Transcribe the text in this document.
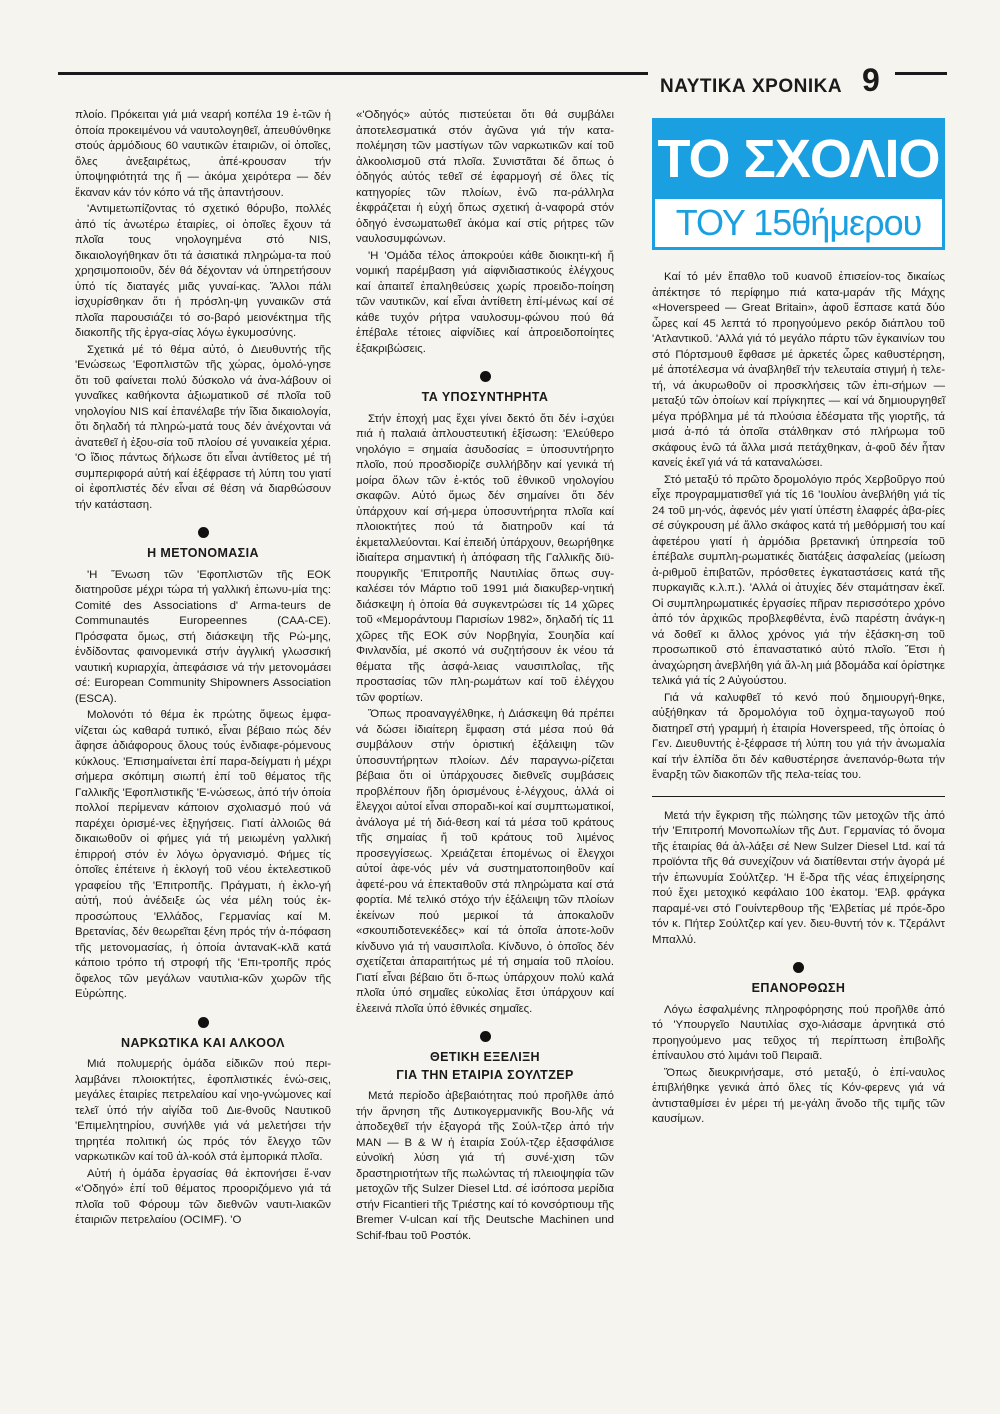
ΝΑΥΤΙΚΑ ΧΡΟΝΙΚΑ 9

πλοίο. Πρόκειται γιά μιά νεαρή κοπέλα 19 ἐ-τῶν ἡ ὁποία προκειμένου νά ναυτολογηθεῖ, ἀπευθύνθηκε στούς ἁρμόδιους 60 ναυτικῶν ἑταιριῶν, οἱ ὁποῖες, ὅλες ἀνεξαιρέτως, ἀπέ-κρουσαν τήν ὑποψηφιότητά της ἤ — ἀκόμα χειρότερα — δέν ἔκαναν κάν τόν κόπο νά τῆς ἀπαντήσουν.

'Αντιμετωπίζοντας τό σχετικό θόρυβο, πολλές ἀπό τίς ἀνωτέρω ἑταιρίες, οἱ ὁποῖες ἔχουν τά πλοῖα τους νηολογημένα στό NIS, δικαιολογήθηκαν ὅτι τά ἀσιατικά πληρώμα-τα πού χρησιμοποιοῦν, δέν θά δέχονταν νά ὑπηρετήσουν ὑπό τίς διαταγές μιᾶς γυναί-κας. Ἄλλοι πάλι ἰσχυρίσθηκαν ὅτι ἡ πρόσλη-ψη γυναικῶν στά πλοῖα παρουσιάζει τό σο-βαρό μειονέκτημα τῆς διακοπῆς τῆς ἐργα-σίας λόγω ἐγκυμοσύνης.

Σχετικά μέ τό θέμα αὐτό, ὁ Διευθυντής τῆς 'Ενώσεως 'Εφοπλιστῶν τῆς χώρας, ὁμολό-γησε ὅτι τοῦ φαίνεται πολύ δύσκολο νά ἀνα-λάβουν οἱ γυναῖκες καθήκοντα ἀξιωματικοῦ σέ πλοῖα τοῦ νηολογίου NIS καί ἐπανέλαβε τήν ἴδια δικαιολογία, ὅτι δηλαδή τά πληρώ-ματά τους δέν ἀνέχονται νά ἀνατεθεῖ ἡ ἐξου-σία τοῦ πλοίου σέ γυναικεία χέρια. 'Ο ἴδιος πάντως δήλωσε ὅτι εἶναι ἀντίθετος μέ τή συμπεριφορά αὐτή καί ἐξέφρασε τή λύπη του γιατί οἱ ἐφοπλιστές δέν εἶναι σέ θέση νά διαρθώσουν τήν κατάσταση.

Η ΜΕΤΟΝΟΜΑΣΙΑ

'Η Ἕνωση τῶν 'Εφοπλιστῶν τῆς ΕΟΚ διατηροῦσε μέχρι τώρα τή γαλλική ἐπωνυ-μία της: Comité des Associations d' Arma-teurs de Communautés Europeennes (CAA-CE). Πρόσφατα ὅμως, στή διάσκεψη τῆς Ρώ-μης, ἐνδίδοντας φαινομενικά στήν ἀγγλική γλωσσική ναυτική κυριαρχία, ἀπεφάσισε νά τήν μετονομάσει σέ: European Community Shipowners Association (ESCA).

Μολονότι τό θέμα ἐκ πρώτης ὄψεως ἐμφα-νίζεται ὡς καθαρά τυπικό, εἶναι βέβαιο πώς δέν ἄφησε ἀδιάφορους ὅλους τούς ἐνδιαφε-ρόμενους κύκλους. 'Επισημαίνεται ἐπί παρα-δείγματι ἡ μέχρι σήμερα σκόπιμη σιωπή ἐπί τοῦ θέματος τῆς Γαλλικῆς 'Εφοπλιστικῆς 'Ε-νώσεως, ἀπό τήν ὁποία πολλοί περίμεναν κάποιον σχολιασμό πού νά παρέχει ὁρισμέ-νες ἐξηγήσεις. Γιατί ἀλλοιῶς θά δικαιωθοῦν οἱ φήμες γιά τή μειωμένη γαλλική ἐπιρροή στόν ἐν λόγω ὀργανισμό. Φήμες τίς ὁποῖες ἐπέτεινε ἡ ἐκλογή τοῦ νέου ἐκτελεστικοῦ γραφείου τῆς 'Επιτροπῆς. Πράγματι, ἡ ἐκλο-γή αὐτή, πού ἀνέδειξε ὡς νέα μέλη τούς ἐκ-προσώπους 'Ελλάδος, Γερμανίας καί Μ. Βρετανίας, δέν θεωρεῖται ξένη πρός τήν ἀ-πόφαση τῆς μετονομασίας, ἡ ὁποία ἀνταναK-κλᾶ κατά κάποιο τρόπο τή στροφή τῆς 'Επι-τροπῆς πρός ὄφελος τῶν μεγάλων ναυτιλια-κῶν χωρῶν τῆς Εὐρώπης.

ΝΑΡΚΩΤΙΚΑ ΚΑΙ ΑΛΚΟΟΛ

Μιά πολυμερής ὁμάδα εἰδικῶν πού περι-λαμβάνει πλοιοκτήτες, ἐφοπλιστικές ἑνώ-σεις, μεγάλες ἑταιρίες πετρελαίου καί νηο-γνώμονες καί τελεῖ ὑπό τήν αἰγίδα τοῦ Διε-θνοῦς Ναυτικοῦ 'Επιμελητηρίου, συνήλθε γιά νά μελετήσει τήν τηρητέα πολιτική ὡς πρός τόν ἔλεγχο τῶν ναρκωτικῶν καί τοῦ ἀλ-κοόλ στά ἐμπορικά πλοῖα.

Αὐτή ἡ ὁμάδα ἐργασίας θά ἐκπονήσει ἕ-ναν «'Οδηγό» ἐπί τοῦ θέματος προοριζόμενο γιά τά πλοῖα τοῦ Φόρουμ τῶν διεθνῶν ναυτι-λιακῶν ἑταιριῶν πετρελαίου (OCIMF). 'Ο

«'Οδηγός» αὐτός πιστεύεται ὅτι θά συμβάλει ἀποτελεσματικά στόν ἀγῶνα γιά τήν κατα-πολέμηση τῶν μαστίγων τῶν ναρκωτικῶν καί τοῦ ἀλκοολισμοῦ στά πλοῖα. Συνιστᾶται δέ ὅπως ὁ ὁδηγός αὐτός τεθεῖ σέ ἐφαρμογή σέ ὅλες τίς κατηγορίες τῶν πλοίων, ἐνῶ πα-ράλληλα ἐκφράζεται ἡ εὐχή ὅπως σχετική ἀ-ναφορά στόν ὁδηγό ἐνσωματωθεῖ ἀκόμα καί στίς ρήτρες τῶν ναυλοσυμφώνων.

'Η 'Ομάδα τέλος ἀποκρούει κάθε διοικητι-κή ἤ νομική παρέμβαση γιά αἰφνιδιαστικούς ἐλέγχους καί ἀπαιτεῖ ἐπαληθεύσεις χωρίς προειδο-ποίηση τῶν ναυτικῶν, καί εἶναι ἀντίθετη ἐπί-μένως καί σέ κάθε τυχόν ρήτρα ναυλοσυμ-φώνου πού θά ἐπέβαλε τέτοιες αἰφνίδιες καί ἀπροειδοποίητες ἐξακριβώσεις.

ΤΑ ΥΠΟΣΥΝΤΗΡΗΤΑ

Στήν ἐποχή μας ἔχει γίνει δεκτό ὅτι δέν ἰ-σχύει πιά ἡ παλαιά ἀπλουστευτική ἐξίσωση: 'Ελεύθερο νηολόγιο = σημαία ἀσυδοσίας = ὑποσυντήρητο πλοῖο, πού προσδιορίζε συλλήβδην καί γενικά τή μοίρα ὅλων τῶν ἐ-κτός τοῦ ἐθνικοῦ νηολογίου σκαφῶν. Αὐτό ὅμως δέν σημαίνει ὅτι δέν ὑπάρχουν καί σή-μερα ὑποσυντήρητα πλοῖα καί πλοιοκτήτες πού τά διατηροῦν καί τά ἐκμεταλλεύονται. Καί ἐπειδή ὑπάρχουν, θεωρήθηκε ἰδιαίτερα σημαντική ἡ ἀπόφαση τῆς Γαλλικῆς διϋ-πουργικῆς 'Επιτροπῆς Ναυτιλίας ὅπως συγ-καλέσει τόν Μάρτιο τοῦ 1991 μιά διακυβερ-νητική διάσκεψη ἡ ὁποία θά συγκεντρώσει τίς 14 χῶρες τοῦ «Μεμοράντουμ Παρισίων 1982», δηλαδή τίς 11 χῶρες τῆς ΕΟΚ σύν Νορβηγία, Σουηδία καί Φινλανδία, μέ σκοπό νά συζητήσουν ἐκ νέου τά θέματα τῆς ἀσφά-λειας ναυσιπλοΐας, τῆς προστασίας τῶν πλη-ρωμάτων καί τοῦ ἐλέγχου τῶν φορτίων.

Ὅπως προαναγγέλθηκε, ἡ Διάσκεψη θά πρέπει νά δώσει ἰδιαίτερη ἔμφαση στά μέσα πού θά συμβάλουν στήν ὁριστική ἐξάλειψη τῶν ὑποσυντήρητων πλοίων. Δέν παραγνω-ρίζεται βέβαια ὅτι οἱ ὑπάρχουσες διεθνεῖς συμβάσεις προβλέπουν ἤδη ὁρισμένους ἐ-λέγχους, ἀλλά οἱ ἔλεγχοι αὐτοί εἶναι σποραδι-κοί καί συμπτωματικοί, ἀνάλογα μέ τή διά-θεση καί τά μέσα τοῦ κράτους τῆς σημαίας ἤ τοῦ κράτους τοῦ λιμένος προσεγγίσεως. Χρειάζεται ἑπομένως οἱ ἔλεγχοι αὐτοί ἀφε-νός μέν νά συστηματοποιηθοῦν καί ἀφετέ-ρου νά ἐπεκταθοῦν στά πληρώματα καί στά φορτία. Μέ τελικό στόχο τήν ἐξάλειψη τῶν πλοίων ἐκείνων πού μερικοί τά ἀποκαλοῦν «σκουπιδοτενεκέδες» καί τά ὁποῖα ἀποτε-λοῦν κίνδυνο γιά τή ναυσιπλοΐα. Κίνδυνο, ὁ ὁποῖος δέν σχετίζεται ἀπαραιτήτως μέ τή σημαία τοῦ πλοίου. Γιατί εἶναι βέβαιο ὅτι ὅ-πως ὑπάρχουν πολύ καλά πλοῖα ὑπό σημαῖες εὐκολίας ἔτσι ὑπάρχουν καί ἐλεεινά πλοῖα ὑπό ἐθνικές σημαῖες.

ΘΕΤΙΚΗ ΕΞΕΛΙΞΗ
ΓΙΑ ΤΗΝ ΕΤΑΙΡΙΑ ΣΟΥΛΤΖΕΡ

Μετά περίοδο ἀβεβαιότητας πού προῆλθε ἀπό τήν ἄρνηση τῆς Δυτικογερμανικῆς Βου-λῆς νά ἀποδεχθεῖ τήν ἐξαγορά τῆς Σούλ-τζερ ἀπό τήν MAN — B & W ἡ ἑταιρία Σούλ-τζερ ἐξασφάλισε εὐνοϊκή λύση γιά τή συνέ-χιση τῶν δραστηριοτήτων τῆς πωλώντας τή πλειοψηφία τῶν μετοχῶν τῆς Sulzer Diesel Ltd. σέ ἰσόποσα μερίδια στήν Ficantieri τῆς Τριέστης καί τό κονσόρτιουμ τῆς Bremer V-ulcan καί τῆς Deutsche Machinen und Schif-fbau τοῦ Ροστόκ.

ΤΟ ΣΧΟΛΙΟ
ΤΟΥ 15θήμερου

Καί τό μέν ἔπαθλο τοῦ κυανοῦ ἐπισείον-τος δικαίως ἀπέκτησε τό περίφημο πιά κατα-μαράν τῆς Μάχης «Hoverspeed — Great Britain», ἀφοῦ ἔσπασε κατά δύο ὧρες καί 45 λεπτά τό προηγούμενο ρεκόρ διάπλου τοῦ 'Ατλαντικοῦ. 'Αλλά γιά τό μεγάλο πάρτυ τῶν ἐγκαινίων του στό Πόρτσμουθ ἔφθασε μέ ἀρκετές ὧρες καθυστέρηση, μέ ἀποτέλεσμα νά ἀναβληθεῖ τήν τελευταία στιγμή ἡ τελε-τή, νά ἀκυρωθοῦν οἱ προσκλήσεις τῶν ἐπι-σήμων — μεταξύ τῶν ὁποίων καί πρίγκηπες — καί νά δημιουργηθεῖ μέγα πρόβλημα μέ τά πλούσια ἐδέσματα τῆς γιορτῆς, τά μισά ἀ-πό τά ὁποῖα στάλθηκαν στό πλήρωμα τοῦ σκάφους ἐνῶ τά ἄλλα μισά πετάχθηκαν, ἀ-φοῦ δέν ἦταν κανείς ἐκεῖ γιά νά τά καταναλώσει.

Στό μεταξύ τό πρῶτο δρομολόγιο πρός Χερβοῦργο πού εἶχε προγραμματισθεῖ γιά τίς 16 'Ιουλίου ἀνεβλήθη γιά τίς 24 τοῦ μη-νός, ἀφενός μέν γιατί ὑπέστη ἐλαφρές ἀβα-ρίες σέ σύγκρουση μέ ἄλλο σκάφος κατά τή μεθόρμισή του καί ἀφετέρου γιατί ἡ ἁρμόδια βρετανική ὑπηρεσία τοῦ ἐπέβαλε συμπλη-ρωματικές διατάξεις ἀσφαλείας (μείωση ἀ-ριθμοῦ ἐπιβατῶν, πρόσθετες ἐγκαταστάσεις κατά τῆς πυρκαγιᾶς κ.λ.π.). 'Αλλά οἱ ἀτυχίες δέν σταμάτησαν ἐκεῖ. Οἱ συμπληρωματικές ἐργασίες πῆραν περισσότερο χρόνο ἀπό τόν ἀρχικῶς προβλεφθέντα, ἐνῶ παρέστη ἀνάγκ-η νά δοθεῖ κι ἄλλος χρόνος γιά τήν ἐξάσκη-ση τοῦ προσωπικοῦ στό ἐπαναστατικό αὐτό πλοῖο. Ἔτσι ἡ ἀναχώρηση ἀνεβλήθη γιά ἄλ-λη μιά βδομάδα καί ὁρίστηκε τελικά γιά τίς 2 Αὐγούστου.

Γιά νά καλυφθεῖ τό κενό πού δημιουργή-θηκε, αὐξήθηκαν τά δρομολόγια τοῦ ὀχημα-ταγωγοῦ πού διατηρεῖ στή γραμμή ἡ ἑταιρία Hoverspeed, τῆς ὁποίας ὁ Γεν. Διευθυντής ἐ-ξέφρασε τή λύπη του γιά τήν ἀνωμαλία καί τήν ἐλπίδα ὅτι δέν καθυστέρησε ἀνεπανόρ-θωτα τήν ἔναρξη τῶν διακοπῶν τῆς πελα-τείας του.

Μετά τήν ἔγκριση τῆς πώλησης τῶν μετοχῶν τῆς ἀπό τήν 'Επιτροπή Μονοπωλίων τῆς Δυτ. Γερμανίας τό ὄνομα τῆς ἑταιρίας θά ἀλ-λάξει σέ New Sulzer Diesel Ltd. καί τά προϊόντα τῆς θά συνεχίζουν νά διατίθενται στήν ἀγορά μέ τήν ἐπωνυμία Σούλτζερ. 'Η ἕ-δρα τῆς νέας ἐπιχείρησης πού ἔχει μετοχικό κεφάλαιο 100 ἑκατομ. 'Ελβ. φράγκα παραμέ-νει στό Γουίντερθουρ τῆς 'Ελβετίας μέ πρόε-δρο τόν κ. Πήτερ Σούλτζερ καί γεν. διευ-θυντή τόν κ. Τζεράλντ Μπαλλύ.

ΕΠΑΝΟΡΘΩΣΗ

Λόγω ἐσφαλμένης πληροφόρησης πού προῆλθε ἀπό τό 'Υπουργεῖο Ναυτιλίας σχο-λιάσαμε ἀρνητικά στό προηγούμενο μας τεῦχος τή περίπτωση ἐπιβολῆς ἐπίναυλου στό λιμάνι τοῦ Πειραιᾶ.

Ὅπως διευκρινήσαμε, στό μεταξύ, ὁ ἐπί-ναυλος ἐπιβλήθηκε γενικά ἀπό ὅλες τίς Κόν-φερενς γιά νά ἀντισταθμίσει ἐν μέρει τή με-γάλη ἄνοδο τῆς τιμῆς τῶν καυσίμων.
